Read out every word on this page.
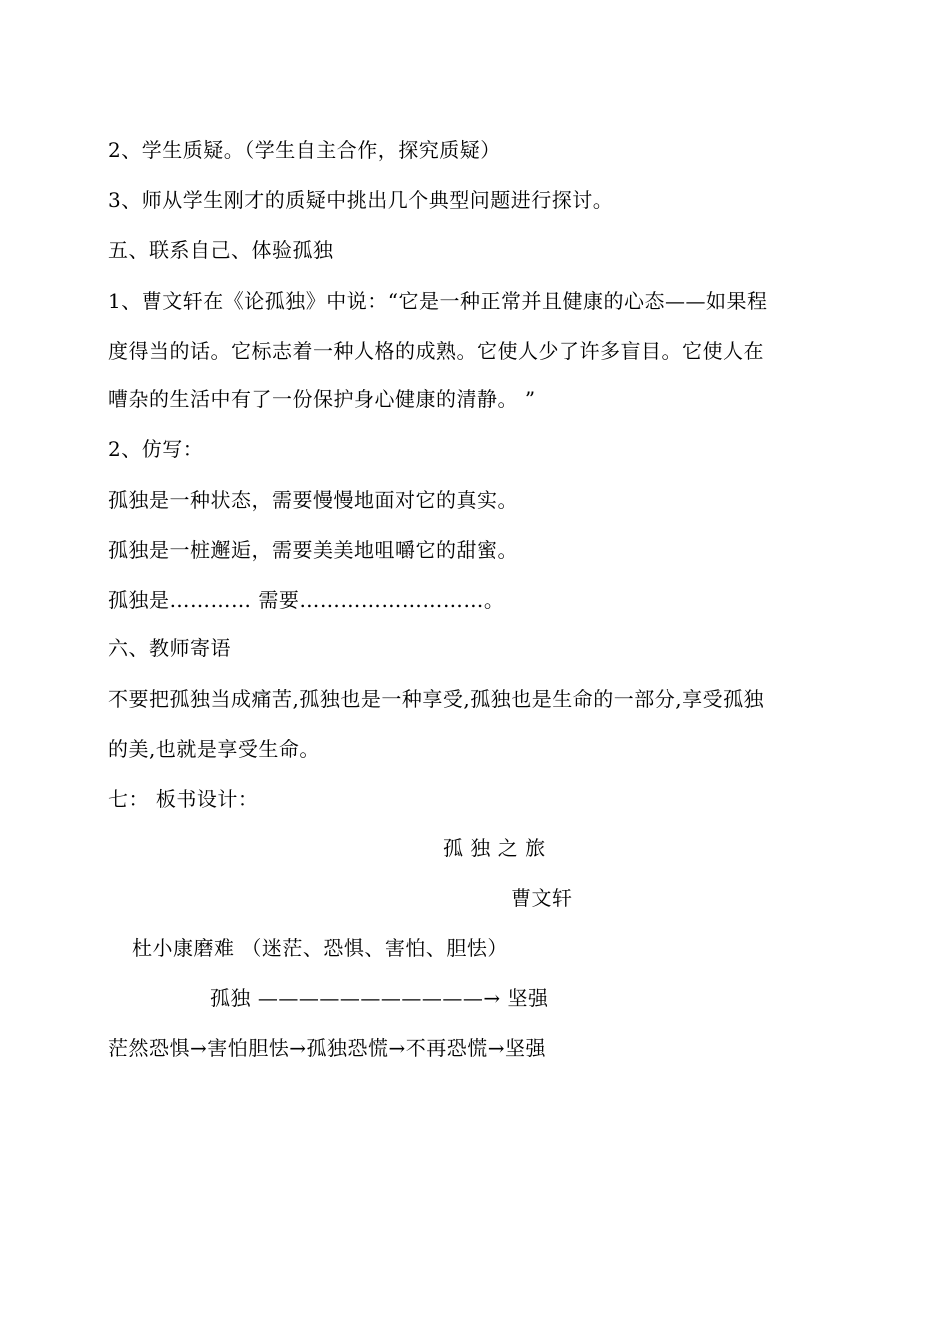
2、学生质疑。（学生自主合作，探究质疑）
3、师从学生刚才的质疑中挑出几个典型问题进行探讨。
五、联系自己、体验孤独
1、曹文轩在《论孤独》中说：“它是一种正常并且健康的心态——如果程
度得当的话。它标志着一种人格的成熟。它使人少了许多盲目。它使人在
嘈杂的生活中有了一份保护身心健康的清静。 ”
2、仿写：
孤独是一种状态，需要慢慢地面对它的真实。
孤独是一桩邂逅，需要美美地咀嚼它的甜蜜。
孤独是………… 需要………………………。
六、教师寄语
不要把孤独当成痛苦,孤独也是一种享受,孤独也是生命的一部分,享受孤独
的美,也就是享受生命。
七： 板书设计：
孤 独 之 旅
曹文轩
杜小康磨难 （迷茫、恐惧、害怕、胆怯）
孤独 ———————————→ 坚强
茫然恐惧→害怕胆怯→孤独恐慌→不再恐慌→坚强
